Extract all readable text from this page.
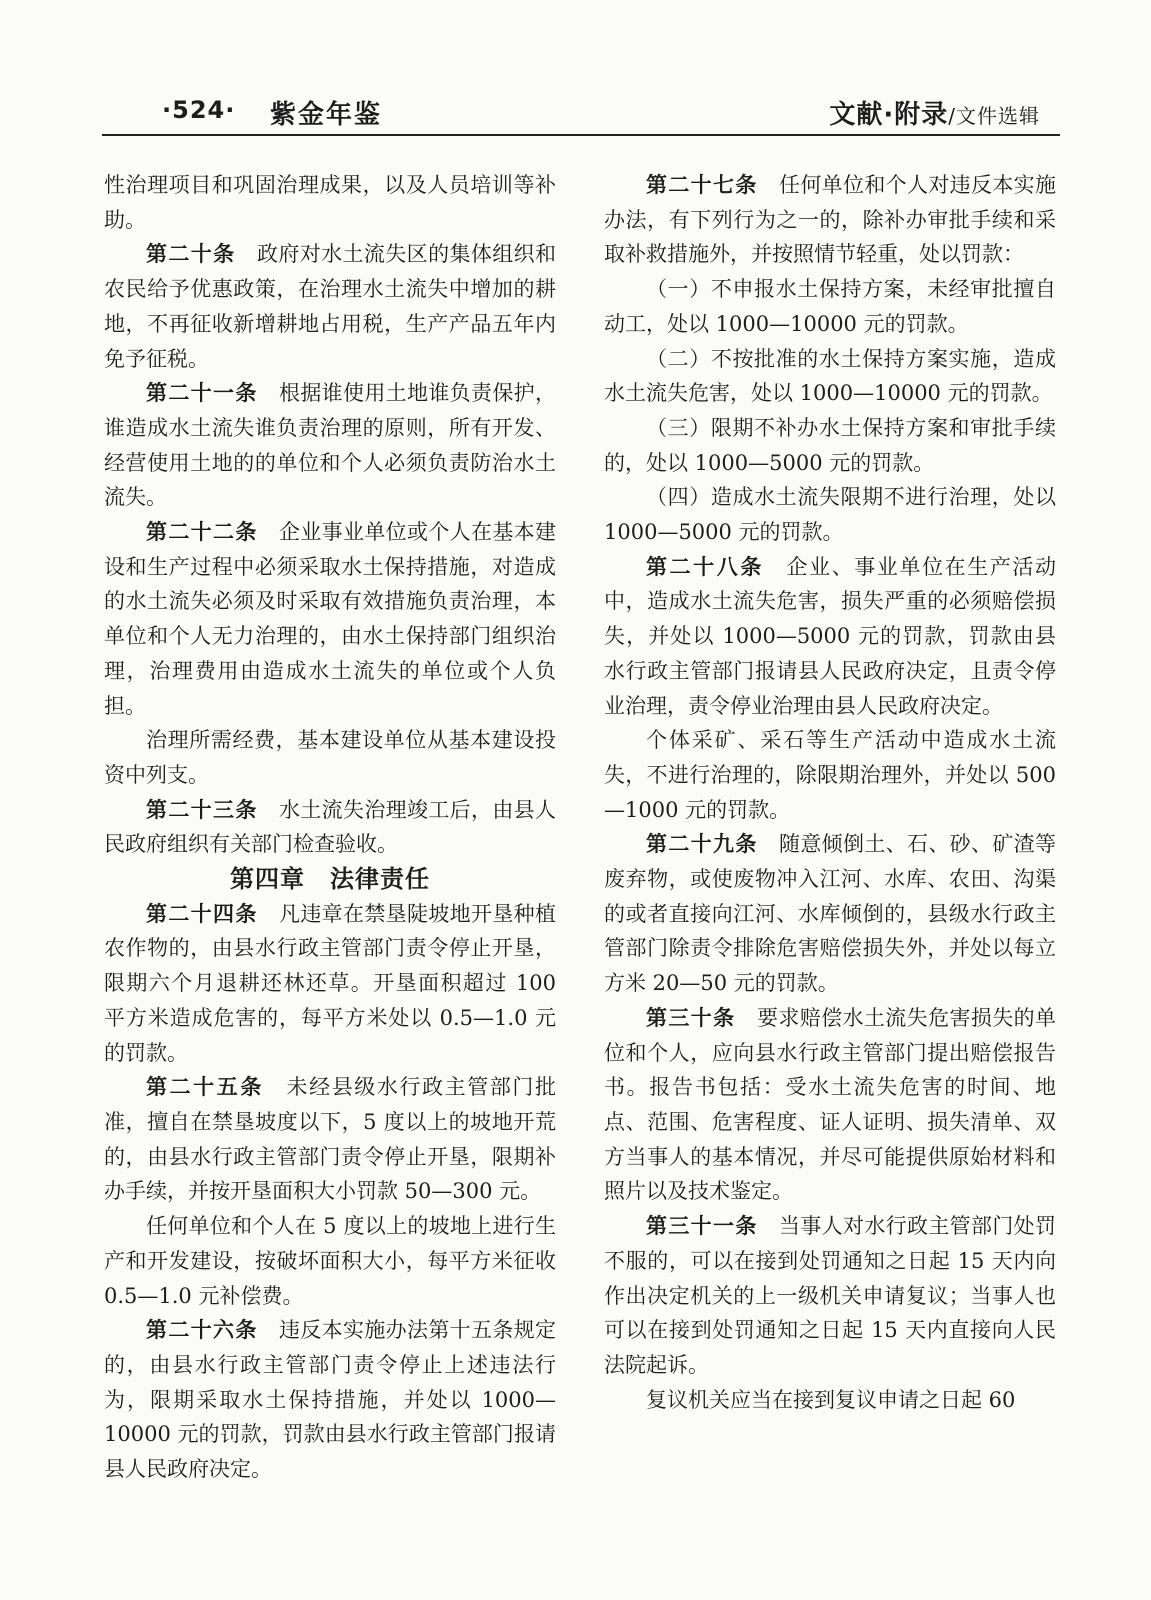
·524· 紫金年鉴	文献·附录/文件选辑

性治理项目和巩固治理成果，以及人员培训等补助。

第二十条　 政府对水土流失区的集体组织和农民给予优惠政策，在治理水土流失中增加的耕地，不再征收新增耕地占用税，生产产品五年内免予征税。

第二十一条　 根据谁使用土地谁负责保护，谁造成水土流失谁负责治理的原则，所有开发、经营使用土地的的单位和个人必须负责防治水土流失。

第二十二条　 企业事业单位或个人在基本建设和生产过程中必须采取水土保持措施，对造成的水土流失必须及时采取有效措施负责治理，本单位和个人无力治理的，由水土保持部门组织治理，治理费用由造成水土流失的单位或个人负担。

治理所需经费，基本建设单位从基本建设投资中列支。

第二十三条　 水土流失治理竣工后，由县人民政府组织有关部门检查验收。

第四章　法律责任

第二十四条　 凡违章在禁垦陡坡地开垦种植农作物的，由县水行政主管部门责令停止开垦，限期六个月退耕还林还草。开垦面积超过 100 平方米造成危害的，每平方米处以 0.5—1.0 元的罚款。

第二十五条　 未经县级水行政主管部门批准，擅自在禁垦坡度以下，5 度以上的坡地开荒的，由县水行政主管部门责令停止开垦，限期补办手续，并按开垦面积大小罚款 50—300 元。

任何单位和个人在 5 度以上的坡地上进行生产和开发建设，按破坏面积大小，每平方米征收 0.5—1.0 元补偿费。

第二十六条　 违反本实施办法第十五条规定的，由县水行政主管部门责令停止上述违法行为，限期采取水土保持措施，并处以 1000—10000 元的罚款，罚款由县水行政主管部门报请县人民政府决定。

第二十七条　 任何单位和个人对违反本实施办法，有下列行为之一的，除补办审批手续和采取补救措施外，并按照情节轻重，处以罚款：

（一）不申报水土保持方案，未经审批擅自动工，处以 1000—10000 元的罚款。

（二）不按批准的水土保持方案实施，造成水土流失危害，处以 1000—10000 元的罚款。

（三）限期不补办水土保持方案和审批手续的，处以 1000—5000 元的罚款。

（四）造成水土流失限期不进行治理，处以 1000—5000 元的罚款。

第二十八条　 企业、事业单位在生产活动中，造成水土流失危害，损失严重的必须赔偿损失，并处以 1000—5000 元的罚款，罚款由县水行政主管部门报请县人民政府决定，且责令停业治理，责令停业治理由县人民政府决定。

个体采矿、采石等生产活动中造成水土流失，不进行治理的，除限期治理外，并处以 500—1000 元的罚款。

第二十九条　 随意倾倒土、石、砂、矿渣等废弃物，或使废物冲入江河、水库、农田、沟渠的或者直接向江河、水库倾倒的，县级水行政主管部门除责令排除危害赔偿损失外，并处以每立方米 20—50 元的罚款。

第三十条　 要求赔偿水土流失危害损失的单位和个人，应向县水行政主管部门提出赔偿报告书。报告书包括：受水土流失危害的时间、地点、范围、危害程度、证人证明、损失清单、双方当事人的基本情况，并尽可能提供原始材料和照片以及技术鉴定。

第三十一条　 当事人对水行政主管部门处罚不服的，可以在接到处罚通知之日起 15 天内向作出决定机关的上一级机关申请复议；当事人也可以在接到处罚通知之日起 15 天内直接向人民法院起诉。

复议机关应当在接到复议申请之日起 60
